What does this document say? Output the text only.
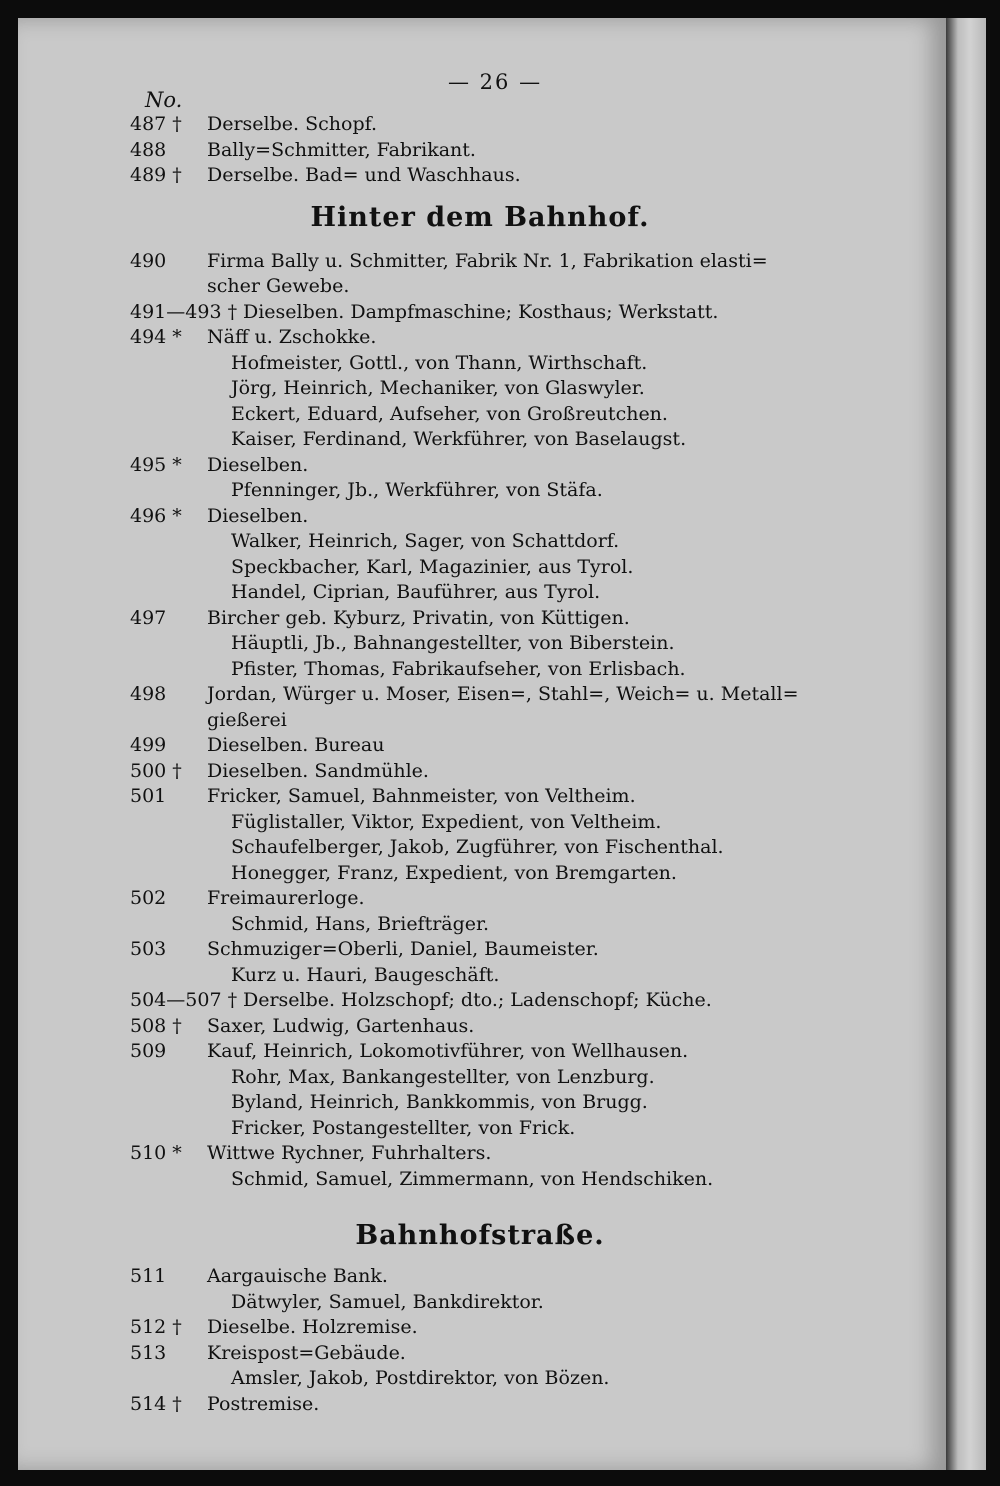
— 26 —
No.
487 †	Derselbe. Schopf.
488	Bally=Schmitter, Fabrikant.
489 †	Derselbe. Bad= und Waschhaus.
Hinter dem Bahnhof.
490	Firma Bally u. Schmitter, Fabrik Nr. 1, Fabrikation elasti=
scher Gewebe.
491—493 † Dieselben. Dampfmaschine; Kosthaus; Werkstatt.
494 *	Näff u. Zschokke.
Hofmeister, Gottl., von Thann, Wirthschaft.
Jörg, Heinrich, Mechaniker, von Glaswyler.
Eckert, Eduard, Aufseher, von Großreutchen.
Kaiser, Ferdinand, Werkführer, von Baselaugst.
495 *	Dieselben.
Pfenninger, Jb., Werkführer, von Stäfa.
496 *	Dieselben.
Walker, Heinrich, Sager, von Schattdorf.
Speckbacher, Karl, Magazinier, aus Tyrol.
Handel, Ciprian, Bauführer, aus Tyrol.
497	Bircher geb. Kyburz, Privatin, von Küttigen.
Häuptli, Jb., Bahnangestellter, von Biberstein.
Pfister, Thomas, Fabrikaufseher, von Erlisbach.
498	Jordan, Würger u. Moser, Eisen=, Stahl=, Weich= u. Metall=
gießerei
499	Dieselben. Bureau
500 †	Dieselben. Sandmühle.
501	Fricker, Samuel, Bahnmeister, von Veltheim.
Füglistaller, Viktor, Expedient, von Veltheim.
Schaufelberger, Jakob, Zugführer, von Fischenthal.
Honegger, Franz, Expedient, von Bremgarten.
502	Freimaurerloge.
Schmid, Hans, Briefträger.
503	Schmuziger=Oberli, Daniel, Baumeister.
Kurz u. Hauri, Baugeschäft.
504—507 † Derselbe. Holzschopf; dto.; Ladenschopf; Küche.
508 †	Saxer, Ludwig, Gartenhaus.
509	Kauf, Heinrich, Lokomotivführer, von Wellhausen.
Rohr, Max, Bankangestellter, von Lenzburg.
Byland, Heinrich, Bankkommis, von Brugg.
Fricker, Postangestellter, von Frick.
510 *	Wittwe Rychner, Fuhrhalters.
Schmid, Samuel, Zimmermann, von Hendschiken.
Bahnhofstraße.
511	Aargauische Bank.
Dätwyler, Samuel, Bankdirektor.
512 †	Dieselbe. Holzremise.
513	Kreispost=Gebäude.
Amsler, Jakob, Postdirektor, von Bözen.
514 †	Postremise.
